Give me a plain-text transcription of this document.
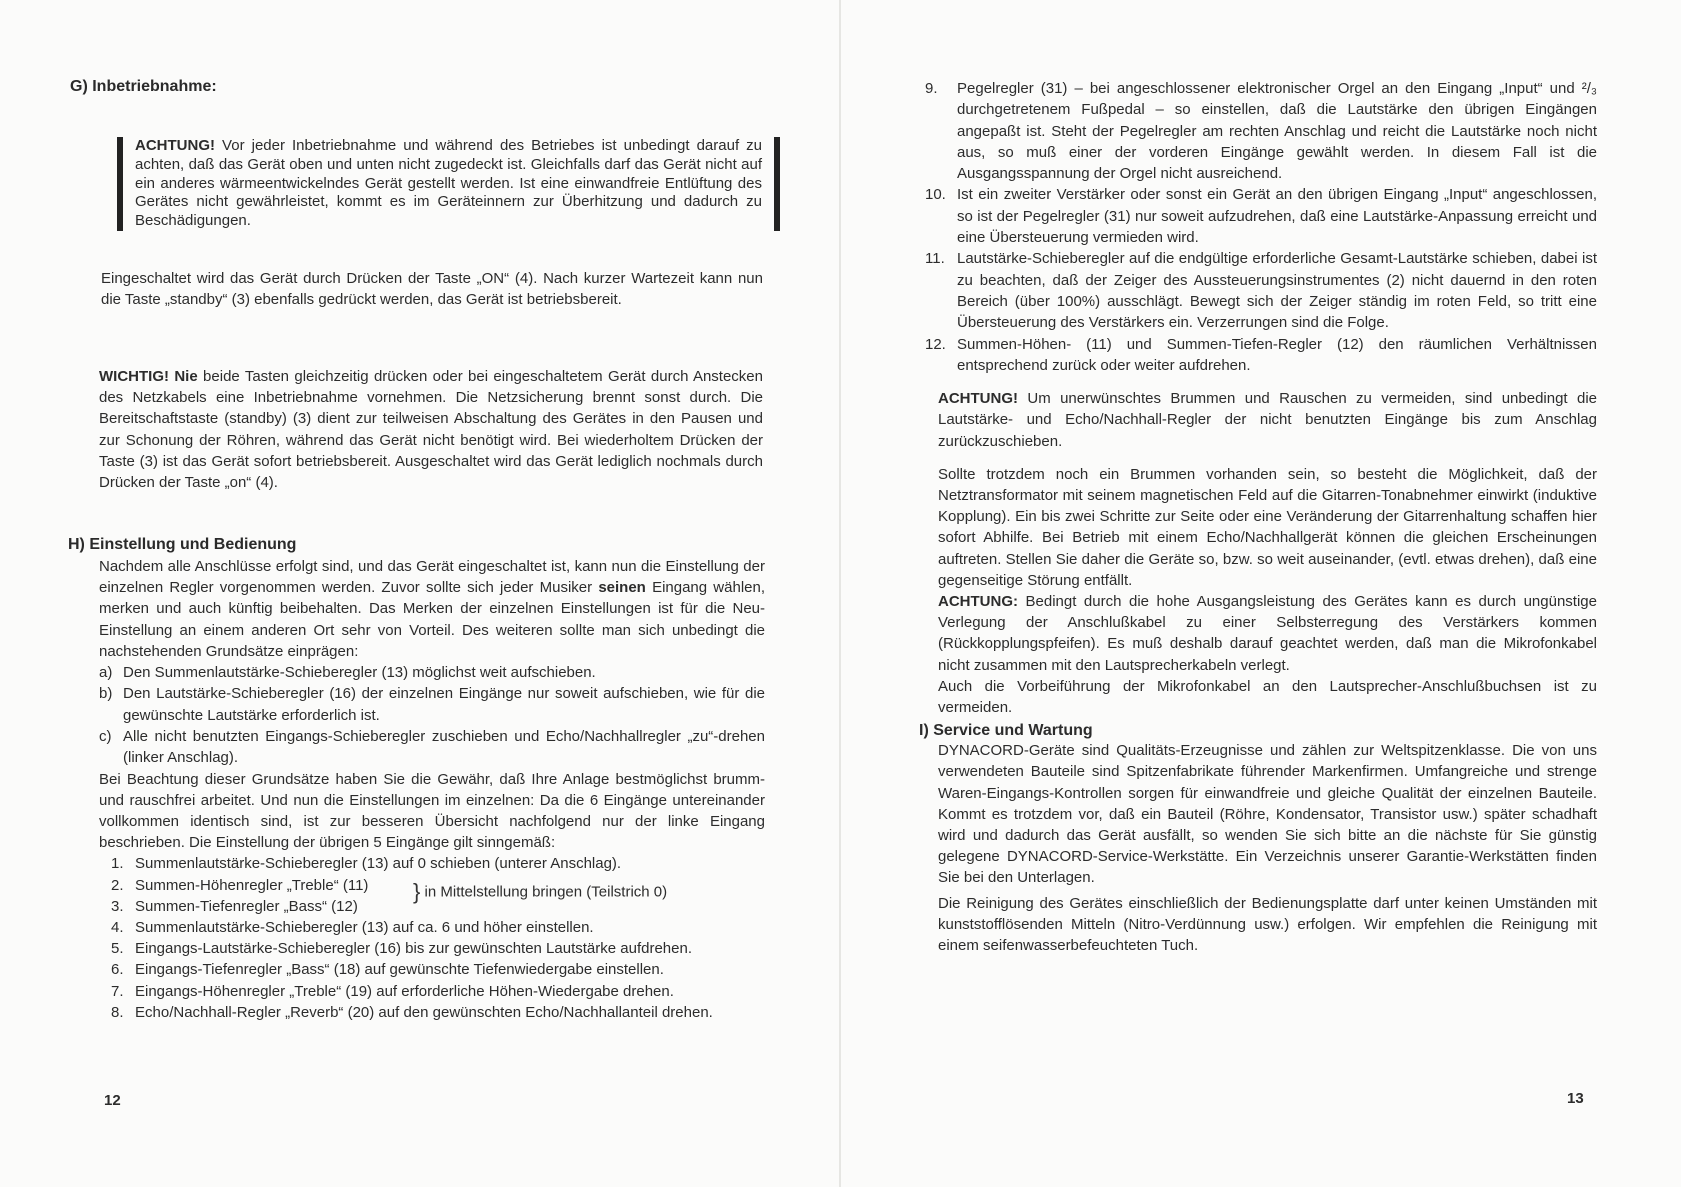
G) Inbetriebnahme:
ACHTUNG! Vor jeder Inbetriebnahme und während des Betriebes ist unbedingt darauf zu achten, daß das Gerät oben und unten nicht zugedeckt ist. Gleichfalls darf das Gerät nicht auf ein anderes wärmeentwickelndes Gerät gestellt werden. Ist eine einwandfreie Entlüftung des Gerätes nicht gewährleistet, kommt es im Geräteinnern zur Überhitzung und dadurch zu Beschädigungen.

Eingeschaltet wird das Gerät durch Drücken der Taste „ON“ (4). Nach kurzer Wartezeit kann nun die Taste „standby“ (3) ebenfalls gedrückt werden, das Gerät ist betriebsbereit.

WICHTIG! Nie beide Tasten gleichzeitig drücken oder bei eingeschaltetem Gerät durch Anstecken des Netzkabels eine Inbetriebnahme vornehmen. Die Netzsicherung brennt sonst durch. Die Bereitschaftstaste (standby) (3) dient zur teilweisen Abschaltung des Gerätes in den Pausen und zur Schonung der Röhren, während das Gerät nicht benötigt wird. Bei wiederholtem Drücken der Taste (3) ist das Gerät sofort betriebsbereit. Ausgeschaltet wird das Gerät lediglich nochmals durch Drücken der Taste „on“ (4).

H) Einstellung und Bedienung

Nachdem alle Anschlüsse erfolgt sind, und das Gerät eingeschaltet ist, kann nun die Einstellung der einzelnen Regler vorgenommen werden. Zuvor sollte sich jeder Musiker seinen Eingang wählen, merken und auch künftig beibehalten. Das Merken der einzelnen Einstellungen ist für die Neu-Einstellung an einem anderen Ort sehr von Vorteil. Des weiteren sollte man sich unbedingt die nachstehenden Grundsätze einprägen:

a) Den Summenlautstärke-Schieberegler (13) möglichst weit aufschieben.
b) Den Lautstärke-Schieberegler (16) der einzelnen Eingänge nur soweit aufschieben, wie für die gewünschte Lautstärke erforderlich ist.
c) Alle nicht benutzten Eingangs-Schieberegler zuschieben und Echo/Nachhallregler „zu“-drehen (linker Anschlag).

Bei Beachtung dieser Grundsätze haben Sie die Gewähr, daß Ihre Anlage bestmöglichst brumm- und rauschfrei arbeitet. Und nun die Einstellungen im einzelnen: Da die 6 Eingänge untereinander vollkommen identisch sind, ist zur besseren Übersicht nachfolgend nur der linke Eingang beschrieben. Die Einstellung der übrigen 5 Eingänge gilt sinngemäß:

1. Summenlautstärke-Schieberegler (13) auf 0 schieben (unterer Anschlag).
2. Summen-Höhenregler „Treble“ (11)
3. Summen-Tiefenregler „Bass“ (12)
} in Mittelstellung bringen (Teilstrich 0)
4. Summenlautstärke-Schieberegler (13) auf ca. 6 und höher einstellen.
5. Eingangs-Lautstärke-Schieberegler (16) bis zur gewünschten Lautstärke aufdrehen.
6. Eingangs-Tiefenregler „Bass“ (18) auf gewünschte Tiefenwiedergabe einstellen.
7. Eingangs-Höhenregler „Treble“ (19) auf erforderliche Höhen-Wiedergabe drehen.
8. Echo/Nachhall-Regler „Reverb“ (20) auf den gewünschten Echo/Nachhallanteil drehen.
12
9. Pegelregler (31) – bei angeschlossener elektronischer Orgel an den Eingang „Input“ und ²/₃ durchgetretenem Fußpedal – so einstellen, daß die Lautstärke den übrigen Eingängen angepaßt ist. Steht der Pegelregler am rechten Anschlag und reicht die Lautstärke noch nicht aus, so muß einer der vorderen Eingänge gewählt werden. In diesem Fall ist die Ausgangsspannung der Orgel nicht ausreichend.
10. Ist ein zweiter Verstärker oder sonst ein Gerät an den übrigen Eingang „Input“ angeschlossen, so ist der Pegelregler (31) nur soweit aufzudrehen, daß eine Lautstärke-Anpassung erreicht und eine Übersteuerung vermieden wird.
11. Lautstärke-Schieberegler auf die endgültige erforderliche Gesamt-Lautstärke schieben, dabei ist zu beachten, daß der Zeiger des Aussteuerungsinstrumentes (2) nicht dauernd in den roten Bereich (über 100%) ausschlägt. Bewegt sich der Zeiger ständig im roten Feld, so tritt eine Übersteuerung des Verstärkers ein. Verzerrungen sind die Folge.
12. Summen-Höhen- (11) und Summen-Tiefen-Regler (12) den räumlichen Verhältnissen entsprechend zurück oder weiter aufdrehen.

ACHTUNG! Um unerwünschtes Brummen und Rauschen zu vermeiden, sind unbedingt die Lautstärke- und Echo/Nachhall-Regler der nicht benutzten Eingänge bis zum Anschlag zurückzuschieben.

Sollte trotzdem noch ein Brummen vorhanden sein, so besteht die Möglichkeit, daß der Netztransformator mit seinem magnetischen Feld auf die Gitarren-Tonabnehmer einwirkt (induktive Kopplung). Ein bis zwei Schritte zur Seite oder eine Veränderung der Gitarrenhaltung schaffen hier sofort Abhilfe. Bei Betrieb mit einem Echo/Nachhallgerät können die gleichen Erscheinungen auftreten. Stellen Sie daher die Geräte so, bzw. so weit auseinander, (evtl. etwas drehen), daß eine gegenseitige Störung entfällt.

ACHTUNG: Bedingt durch die hohe Ausgangsleistung des Gerätes kann es durch ungünstige Verlegung der Anschlußkabel zu einer Selbsterregung des Verstärkers kommen (Rückkopplungspfeifen). Es muß deshalb darauf geachtet werden, daß man die Mikrofonkabel nicht zusammen mit den Lautsprecherkabeln verlegt.

Auch die Vorbeiführung der Mikrofonkabel an den Lautsprecher-Anschlußbuchsen ist zu vermeiden.

I) Service und Wartung

DYNACORD-Geräte sind Qualitäts-Erzeugnisse und zählen zur Weltspitzenklasse. Die von uns verwendeten Bauteile sind Spitzenfabrikate führender Markenfirmen. Umfangreiche und strenge Waren-Eingangs-Kontrollen sorgen für einwandfreie und gleiche Qualität der einzelnen Bauteile. Kommt es trotzdem vor, daß ein Bauteil (Röhre, Kondensator, Transistor usw.) später schadhaft wird und dadurch das Gerät ausfällt, so wenden Sie sich bitte an die nächste für Sie günstig gelegene DYNACORD-Service-Werkstätte. Ein Verzeichnis unserer Garantie-Werkstätten finden Sie bei den Unterlagen.

Die Reinigung des Gerätes einschließlich der Bedienungsplatte darf unter keinen Umständen mit kunststofflösenden Mitteln (Nitro-Verdünnung usw.) erfolgen. Wir empfehlen die Reinigung mit einem seifenwasserbefeuchteten Tuch.

13
